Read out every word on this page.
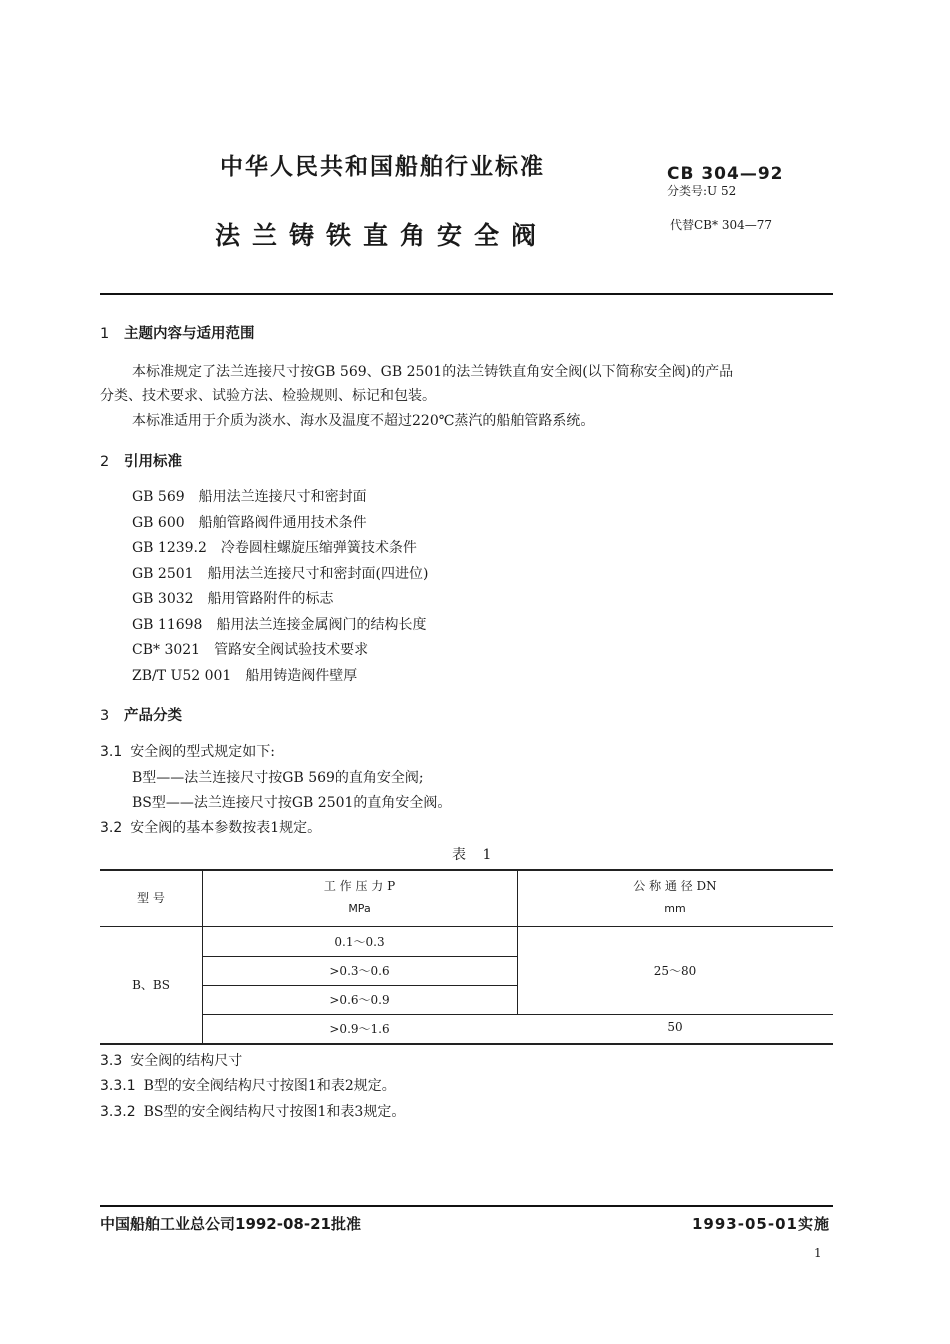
中华人民共和国船舶行业标准
法兰铸铁直角安全阀
CB 304—92
分类号:U 52
代替CB* 304—77
1 主题内容与适用范围
本标准规定了法兰连接尺寸按GB 569、GB 2501的法兰铸铁直角安全阀(以下简称安全阀)的产品
分类、技术要求、试验方法、检验规则、标记和包装。
本标准适用于介质为淡水、海水及温度不超过220℃蒸汽的船舶管路系统。
2 引用标准
GB 569 船用法兰连接尺寸和密封面
GB 600 船舶管路阀件通用技术条件
GB 1239.2 冷卷圆柱螺旋压缩弹簧技术条件
GB 2501 船用法兰连接尺寸和密封面(四进位)
GB 3032 船用管路附件的标志
GB 11698 船用法兰连接金属阀门的结构长度
CB* 3021 管路安全阀试验技术要求
ZB/T U52 001 船用铸造阀件壁厚
3 产品分类
3.1 安全阀的型式规定如下:
B型——法兰连接尺寸按GB 569的直角安全阀;
BS型——法兰连接尺寸按GB 2501的直角安全阀。
3.2 安全阀的基本参数按表1规定。
表 1
型 号
工 作 压 力 P
MPa
公 称 通 径 DN
mm
B、BS
0.1～0.3
>0.3～0.6
>0.6～0.9
>0.9～1.6
25～80
50
3.3 安全阀的结构尺寸
3.3.1 B型的安全阀结构尺寸按图1和表2规定。
3.3.2 BS型的安全阀结构尺寸按图1和表3规定。
中国船舶工业总公司1992-08-21批准	1993-05-01实施
1
